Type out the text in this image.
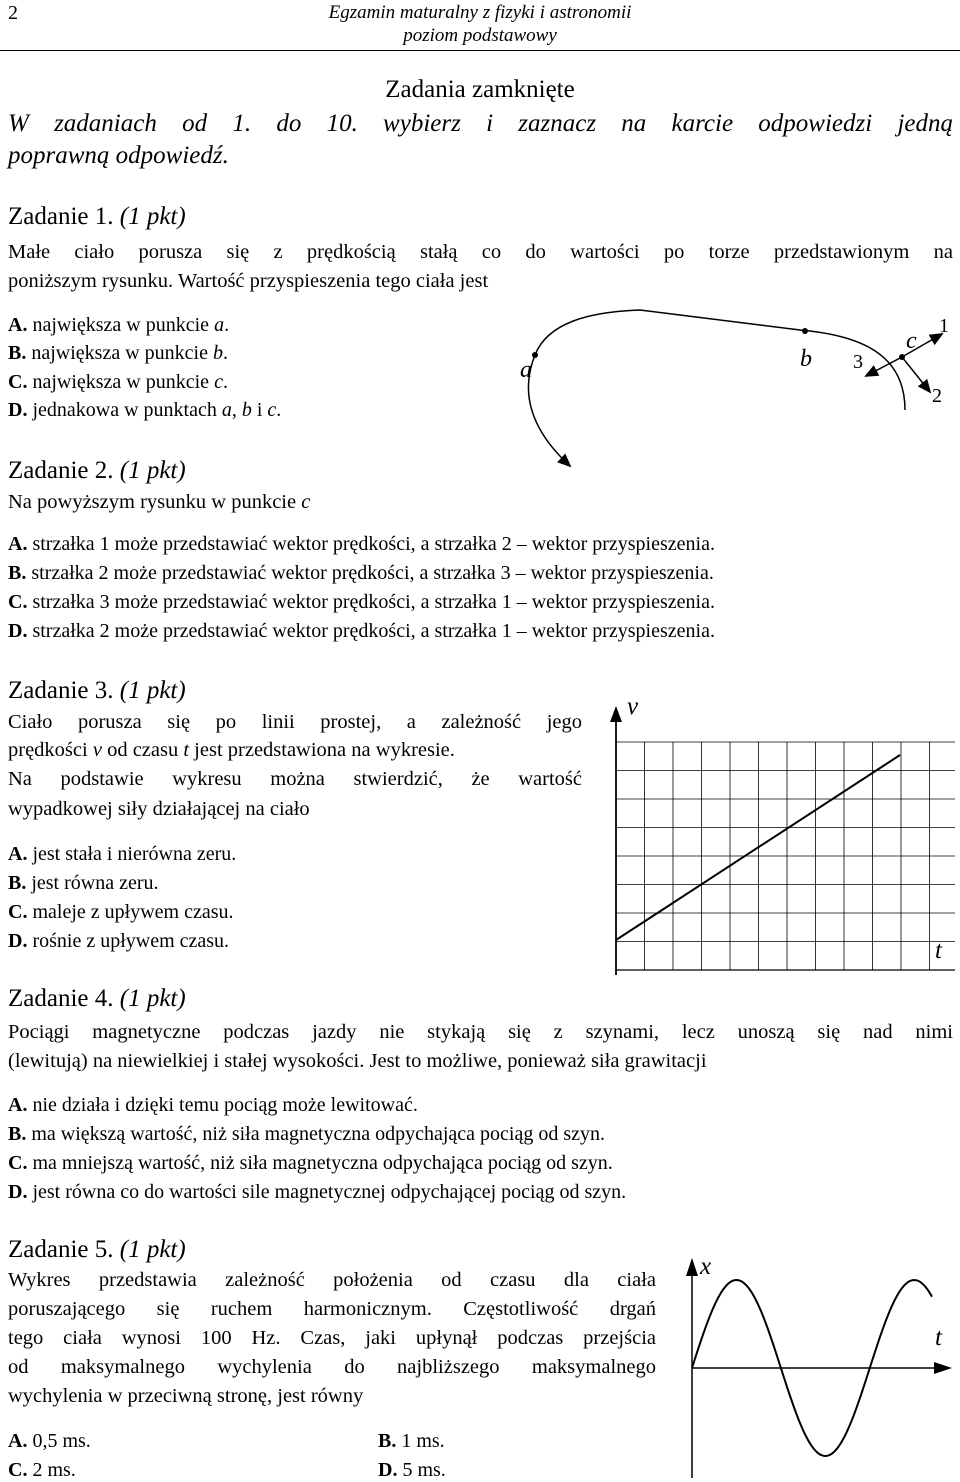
2	Egzamin maturalny z fizyki i astronomii
poziom podstawowy
Zadania zamknięte
W zadaniach od 1. do 10. wybierz i zaznacz na karcie odpowiedzi jedną
poprawną odpowiedź.
Zadanie 1. (1 pkt)
Małe ciało porusza się z prędkością stałą co do wartości po torze przedstawionym na
poniższym rysunku. Wartość przyspieszenia tego ciała jest
A. największa w punkcie a.
B. największa w punkcie b.
C. największa w punkcie c.
D. jednakowa w punktach a, b i c.
a	b
c
1
2
3
Zadanie 2. (1 pkt)
Na powyższym rysunku w punkcie c
A. strzałka 1 może przedstawiać wektor prędkości, a strzałka 2 – wektor przyspieszenia.
B. strzałka 2 może przedstawiać wektor prędkości, a strzałka 3 – wektor przyspieszenia.
C. strzałka 3 może przedstawiać wektor prędkości, a strzałka 1 – wektor przyspieszenia.
D. strzałka 2 może przedstawiać wektor prędkości, a strzałka 1 – wektor przyspieszenia.
Zadanie 3. (1 pkt)
Ciało porusza się po linii prostej, a zależność jego
prędkości v od czasu t jest przedstawiona na wykresie.
Na podstawie wykresu można stwierdzić, że wartość
wypadkowej siły działającej na ciało
A. jest stała i nierówna zeru.
B. jest równa zeru.
C. maleje z upływem czasu.
D. rośnie z upływem czasu.
v
t
Zadanie 4. (1 pkt)
Pociągi magnetyczne podczas jazdy nie stykają się z szynami, lecz unoszą się nad nimi
(lewitują) na niewielkiej i stałej wysokości. Jest to możliwe, ponieważ siła grawitacji
A. nie działa i dzięki temu pociąg może lewitować.
B. ma większą wartość, niż siła magnetyczna odpychająca pociąg od szyn.
C. ma mniejszą wartość, niż siła magnetyczna odpychająca pociąg od szyn.
D. jest równa co do wartości sile magnetycznej odpychającej pociąg od szyn.
Zadanie 5. (1 pkt)
Wykres przedstawia zależność położenia od czasu dla ciała
poruszającego się ruchem harmonicznym. Częstotliwość drgań
tego ciała wynosi 100 Hz. Czas, jaki upłynął podczas przejścia
od maksymalnego wychylenia do najbliższego maksymalnego
wychylenia w przeciwną stronę, jest równy
A. 0,5 ms.	B. 1 ms.
C. 2 ms.	D. 5 ms.
x
t
